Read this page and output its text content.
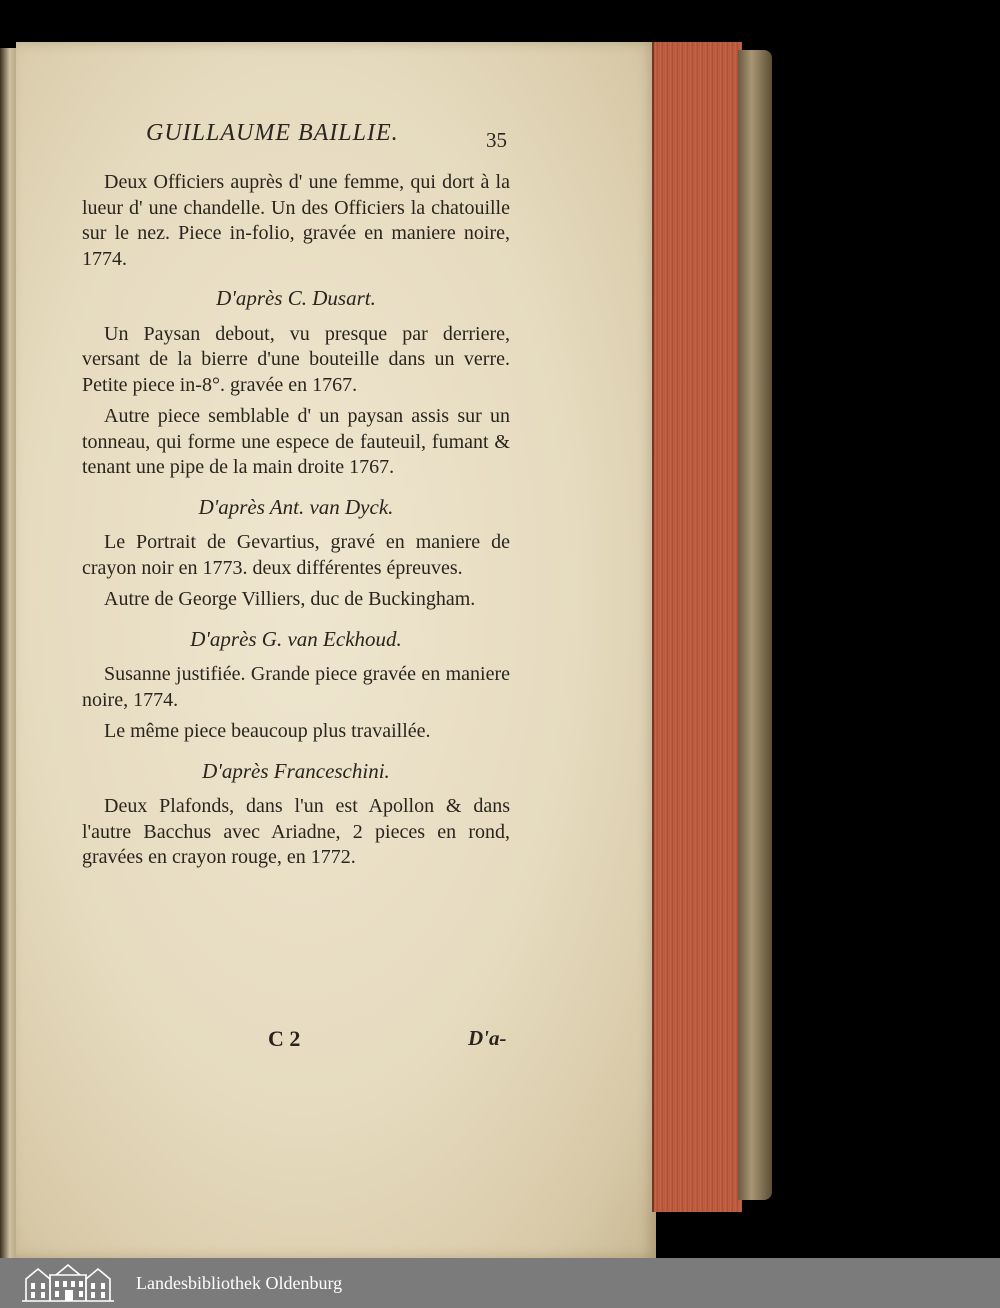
GUILLAUME BAILLIE.	35

Deux Officiers auprès d' une femme, qui dort à la lueur d' une chandelle. Un des Officiers la chatouille sur le nez. Piece in-folio, gravée en maniere noire, 1774.

D'après C. Dusart.

Un Paysan debout, vu presque par derriere, versant de la bierre d'une bouteille dans un verre. Petite piece in-8°. gravée en 1767.

Autre piece semblable d' un paysan assis sur un tonneau, qui forme une espece de fauteuil, fumant & tenant une pipe de la main droite 1767.

D'après Ant. van Dyck.

Le Portrait de Gevartius, gravé en maniere de crayon noir en 1773. deux différentes épreuves.

Autre de George Villiers, duc de Buckingham.

D'après G. van Eckhoud.

Susanne justifiée. Grande piece gravée en maniere noire, 1774.

Le même piece beaucoup plus travaillée.

D'après Franceschini.

Deux Plafonds, dans l'un est Apollon & dans l'autre Bacchus avec Ariadne, 2 pieces en rond, gravées en crayon rouge, en 1772.

C 2	D'a-
Landesbibliothek Oldenburg
